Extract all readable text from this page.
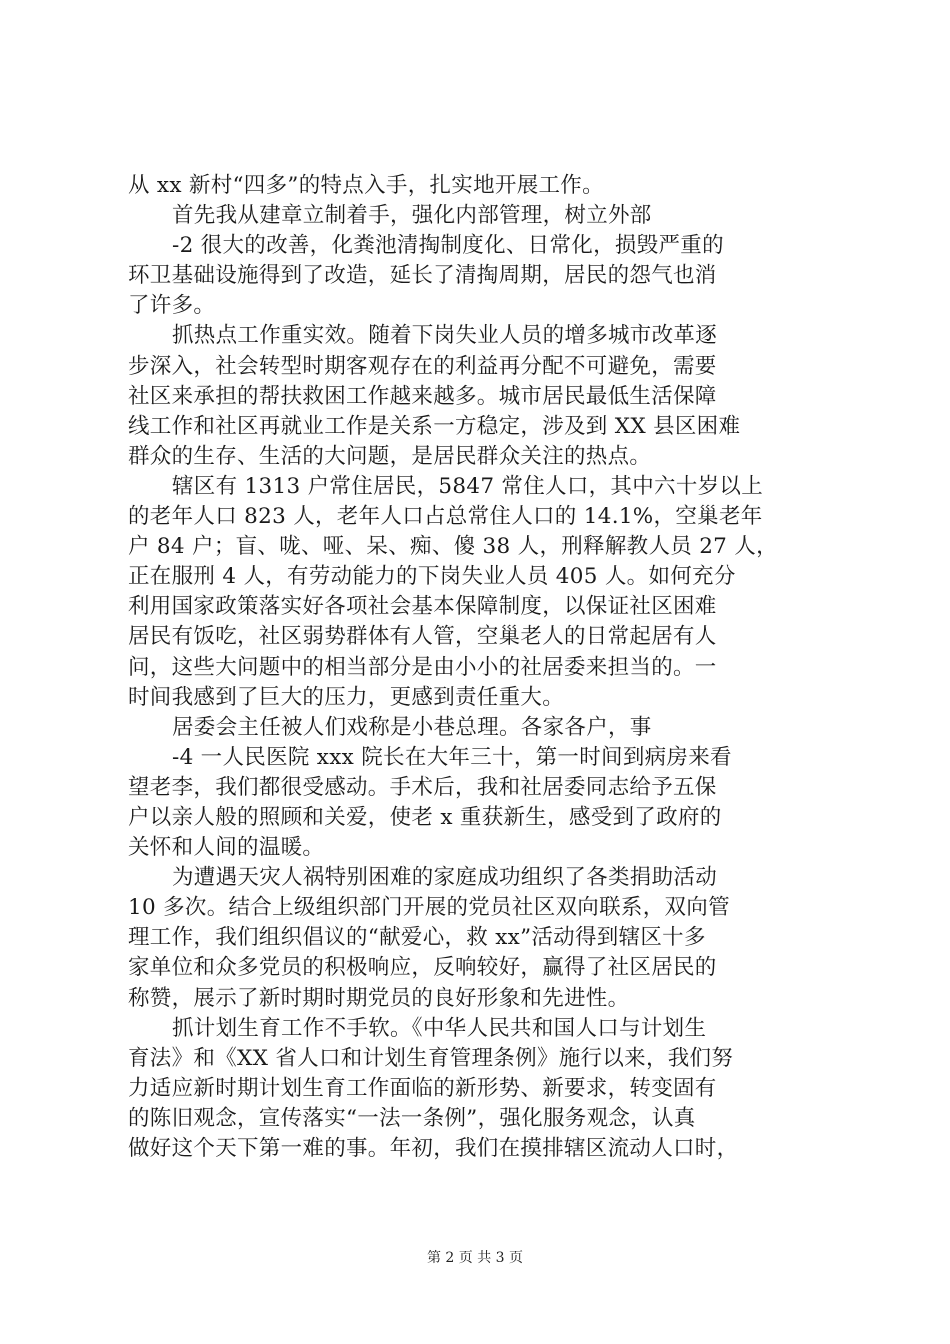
从 xx 新村“四多”的特点入手，扎实地开展工作。
首先我从建章立制着手，强化内部管理，树立外部
-2 很大的改善，化粪池清掏制度化、日常化，损毁严重的
环卫基础设施得到了改造，延长了清掏周期，居民的怨气也消
了许多。
抓热点工作重实效。随着下岗失业人员的增多城市改革逐
步深入，社会转型时期客观存在的利益再分配不可避免，需要
社区来承担的帮扶救困工作越来越多。城市居民最低生活保障
线工作和社区再就业工作是关系一方稳定，涉及到 XX 县区困难
群众的生存、生活的大问题，是居民群众关注的热点。
辖区有 1313 户常住居民，5847 常住人口，其中六十岁以上
的老年人口 823 人，老年人口占总常住人口的 14.1%，空巢老年
户 84 户；盲、咙、哑、呆、痴、傻 38 人，刑释解教人员 27 人，
正在服刑 4 人，有劳动能力的下岗失业人员 405 人。如何充分
利用国家政策落实好各项社会基本保障制度，以保证社区困难
居民有饭吃，社区弱势群体有人管，空巢老人的日常起居有人
问，这些大问题中的相当部分是由小小的社居委来担当的。一
时间我感到了巨大的压力，更感到责任重大。
居委会主任被人们戏称是小巷总理。各家各户，事
-4 一人民医院 xxx 院长在大年三十，第一时间到病房来看
望老李，我们都很受感动。手术后，我和社居委同志给予五保
户以亲人般的照顾和关爱，使老 x 重获新生，感受到了政府的
关怀和人间的温暖。
为遭遇天灾人祸特别困难的家庭成功组织了各类捐助活动
10 多次。结合上级组织部门开展的党员社区双向联系，双向管
理工作，我们组织倡议的“献爱心，救 xx”活动得到辖区十多
家单位和众多党员的积极响应，反响较好，赢得了社区居民的
称赞，展示了新时期时期党员的良好形象和先进性。
抓计划生育工作不手软。《中华人民共和国人口与计划生
育法》和《XX 省人口和计划生育管理条例》施行以来，我们努
力适应新时期计划生育工作面临的新形势、新要求，转变固有
的陈旧观念，宣传落实“一法一条例”，强化服务观念，认真
做好这个天下第一难的事。年初，我们在摸排辖区流动人口时，
第 2 页 共 3 页
